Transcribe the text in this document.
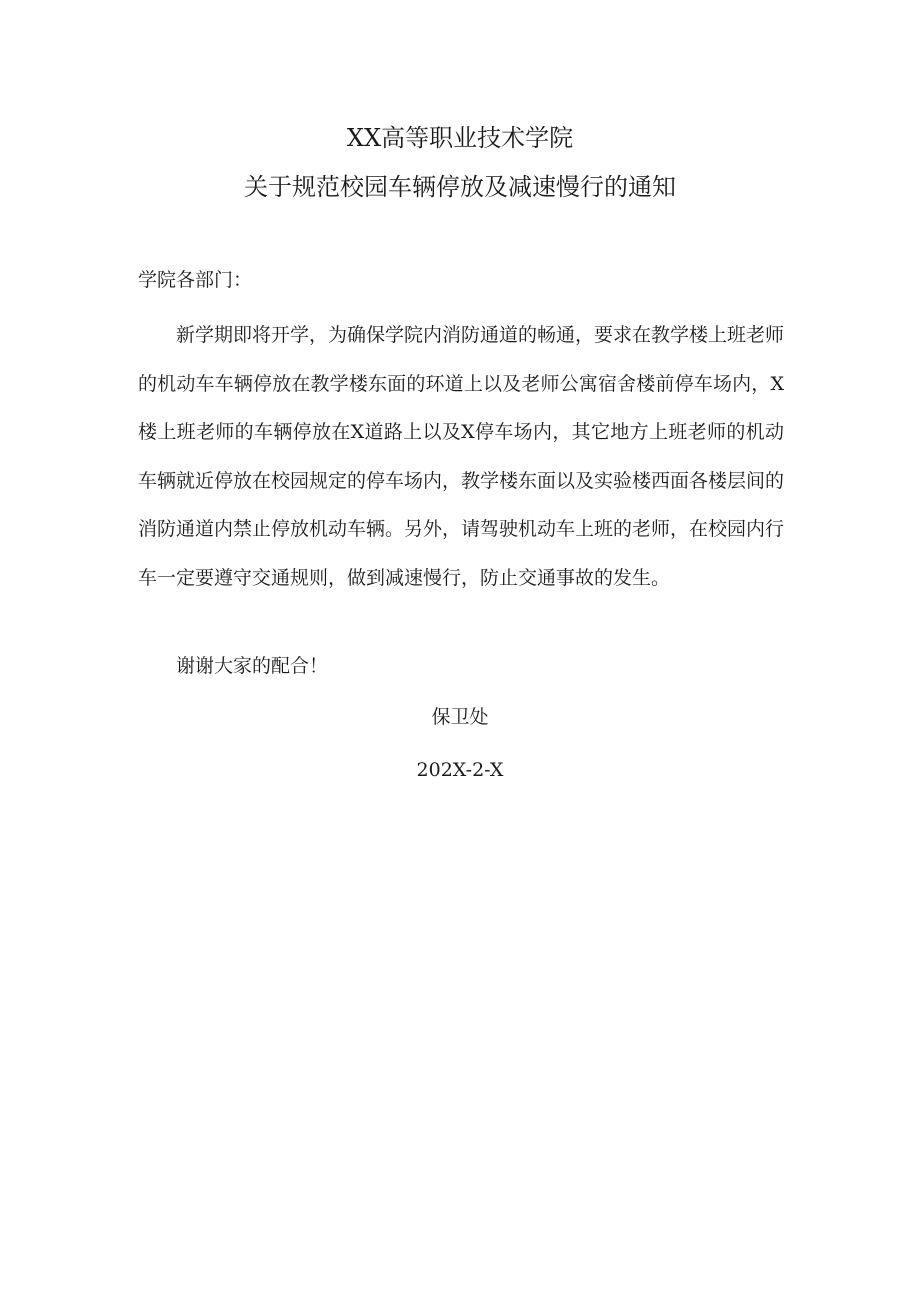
XX高等职业技术学院
关于规范校园车辆停放及减速慢行的通知
学院各部门：

新学期即将开学，为确保学院内消防通道的畅通，要求在教学楼上班老师的机动车车辆停放在教学楼东面的环道上以及老师公寓宿舍楼前停车场内，X楼上班老师的车辆停放在X道路上以及X停车场内，其它地方上班老师的机动车辆就近停放在校园规定的停车场内，教学楼东面以及实验楼西面各楼层间的消防通道内禁止停放机动车辆。另外，请驾驶机动车上班的老师，在校园内行车一定要遵守交通规则，做到减速慢行，防止交通事故的发生。

谢谢大家的配合！
保卫处
202X-2-X
